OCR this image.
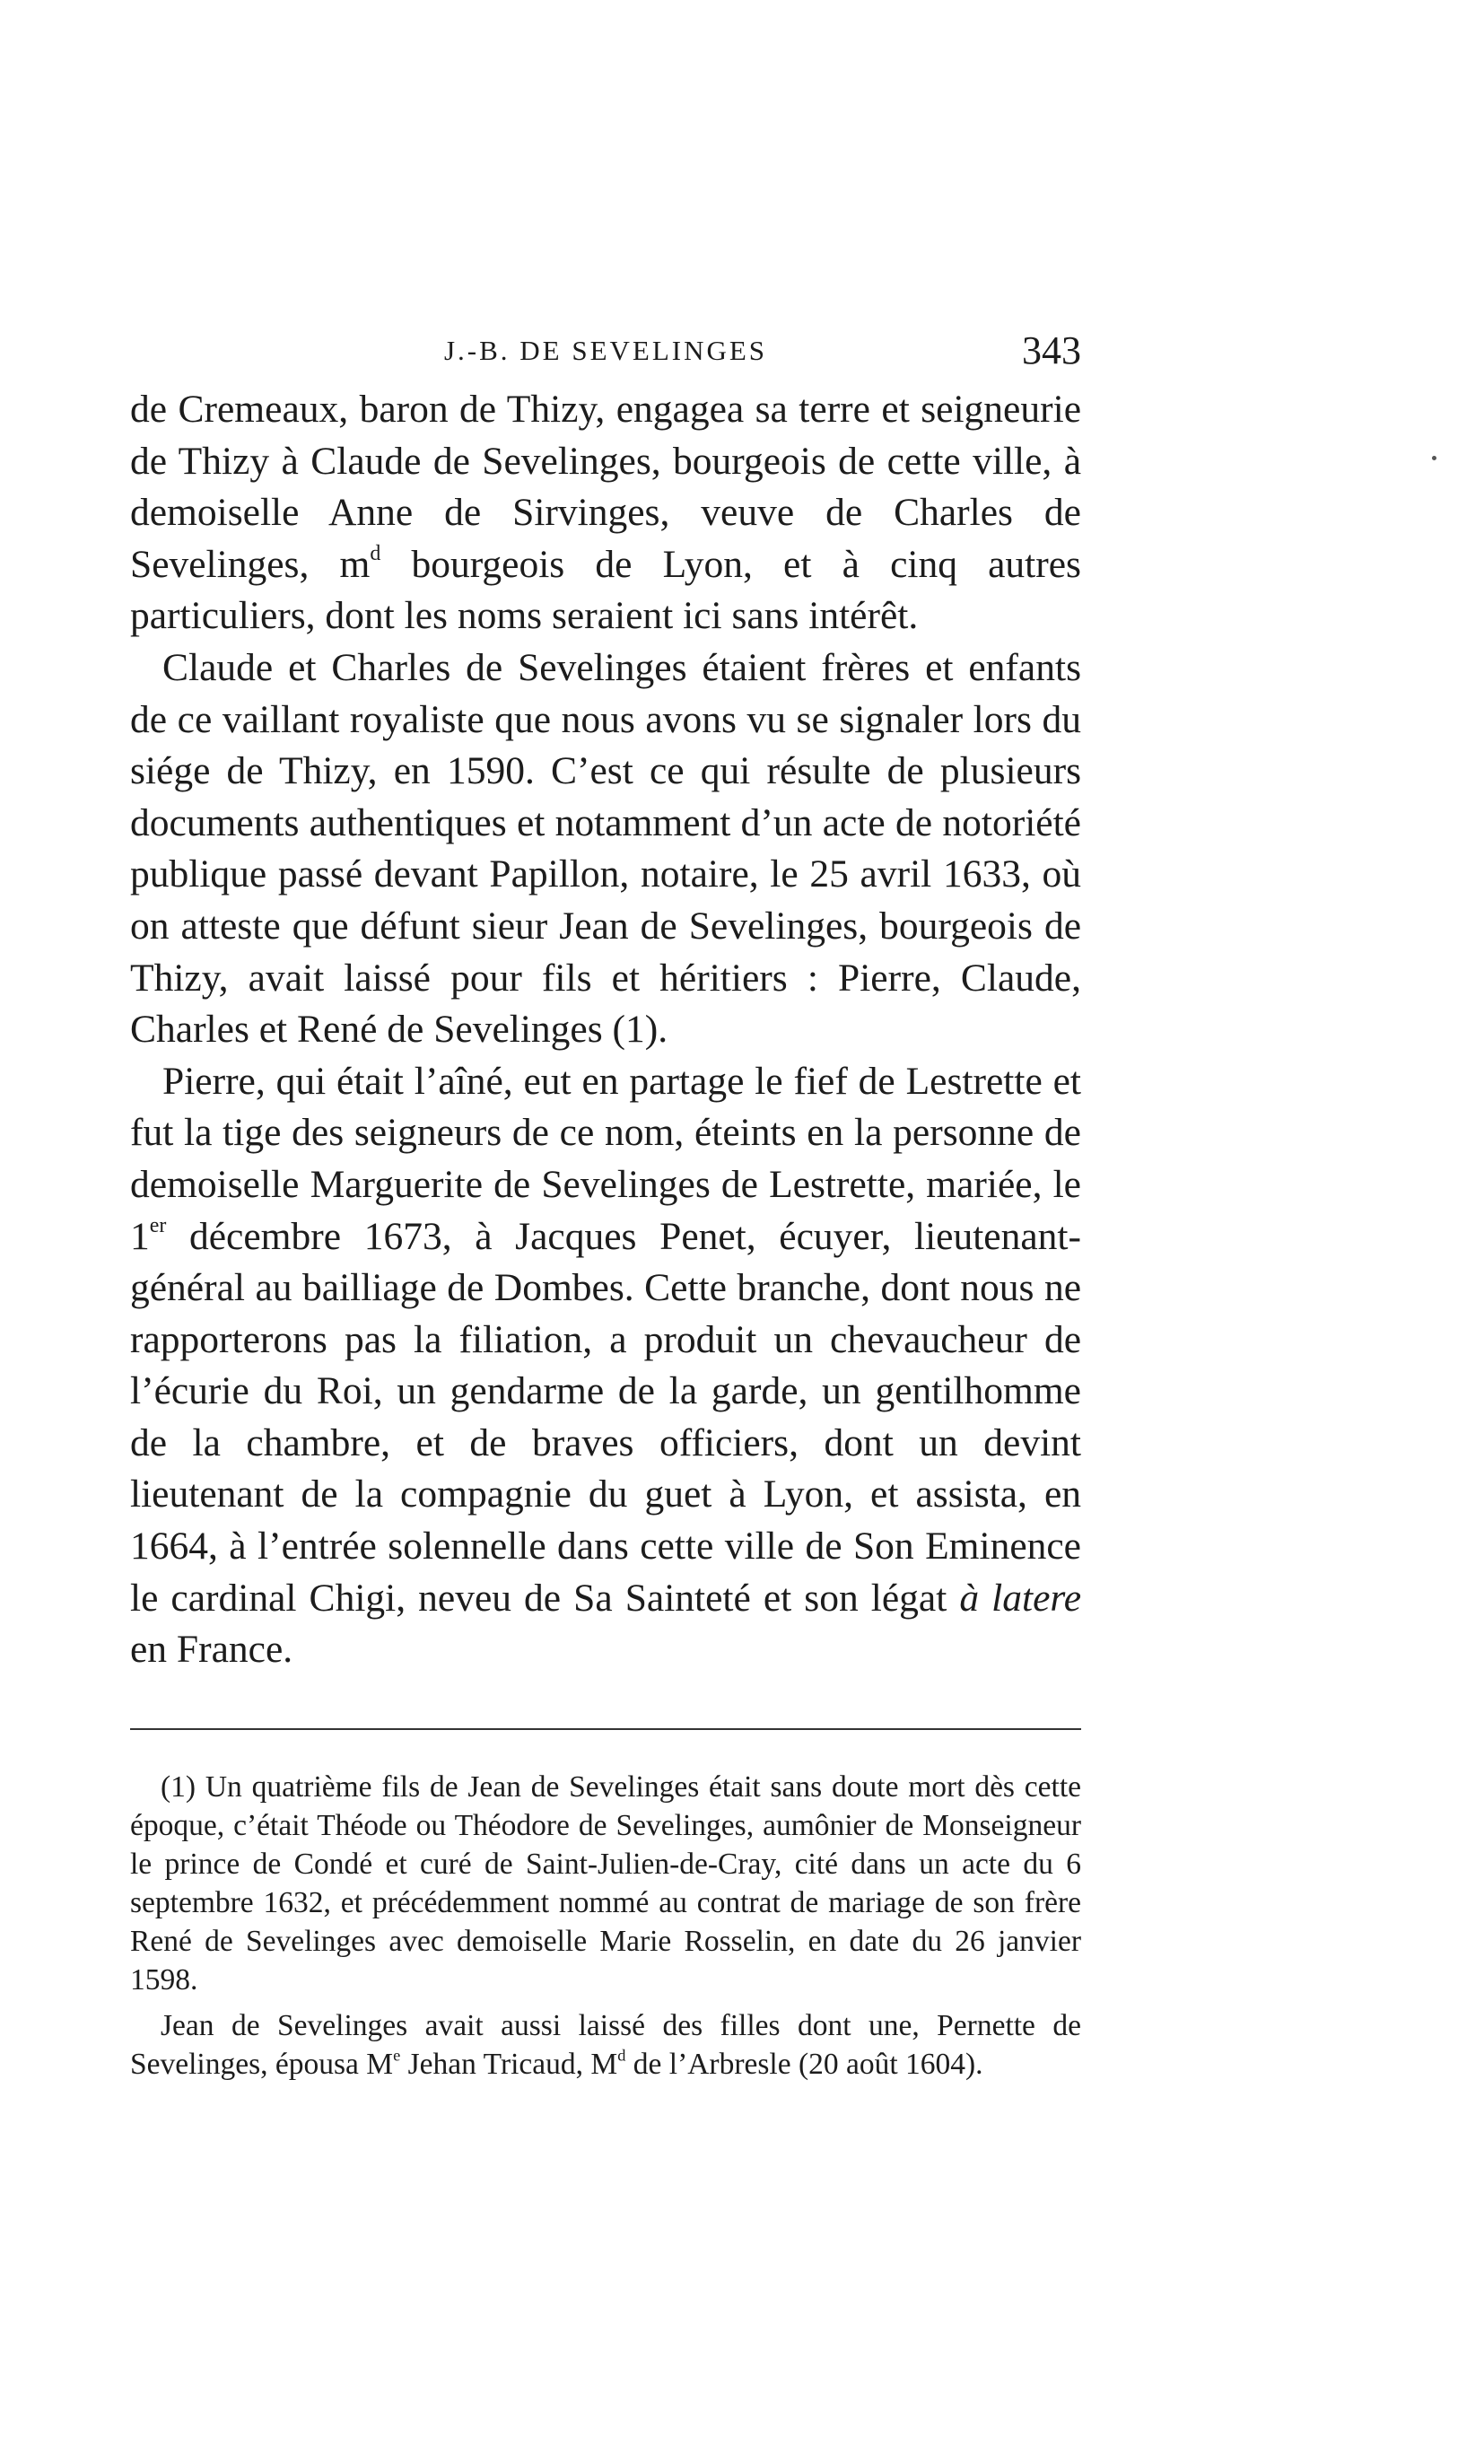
J.-B. DE SEVELINGES	343

de Cremeaux, baron de Thizy, engagea sa terre et seigneurie de Thizy à Claude de Sevelinges, bourgeois de cette ville, à demoiselle Anne de Sirvinges, veuve de Charles de Sevelinges, $m^d$ bourgeois de Lyon, et à cinq autres particuliers, dont les noms seraient ici sans intérêt.

Claude et Charles de Sevelinges étaient frères et enfants de ce vaillant royaliste que nous avons vu se signaler lors du siége de Thizy, en 1590. C’est ce qui résulte de plusieurs documents authentiques et notamment d’un acte de notoriété publique passé devant Papillon, notaire, le 25 avril 1633, où on atteste que défunt sieur Jean de Sevelinges, bourgeois de Thizy, avait laissé pour fils et héritiers : Pierre, Claude, Charles et René de Sevelinges (1).

Pierre, qui était l’aîné, eut en partage le fief de Lestrette et fut la tige des seigneurs de ce nom, éteints en la personne de demoiselle Marguerite de Sevelinges de Lestrette, mariée, le 1er décembre 1673, à Jacques Penet, écuyer, lieutenant-général au bailliage de Dombes. Cette branche, dont nous ne rapporterons pas la filiation, a produit un chevaucheur de l’écurie du Roi, un gendarme de la garde, un gentilhomme de la chambre, et de braves officiers, dont un devint lieutenant de la compagnie du guet à Lyon, et assista, en 1664, à l’entrée solennelle dans cette ville de Son Eminence le cardinal Chigi, neveu de Sa Sainteté et son légat à latere en France.

(1) Un quatrième fils de Jean de Sevelinges était sans doute mort dès cette époque, c’était Théode ou Théodore de Sevelinges, aumônier de Monseigneur le prince de Condé et curé de Saint-Julien-de-Cray, cité dans un acte du 6 septembre 1632, et précédemment nommé au contrat de mariage de son frère René de Sevelinges avec demoiselle Marie Rosselin, en date du 26 janvier 1598.

Jean de Sevelinges avait aussi laissé des filles dont une, Pernette de Sevelinges, épousa Me Jehan Tricaud, $M^d$ de l’Arbresle (20 août 1604).
